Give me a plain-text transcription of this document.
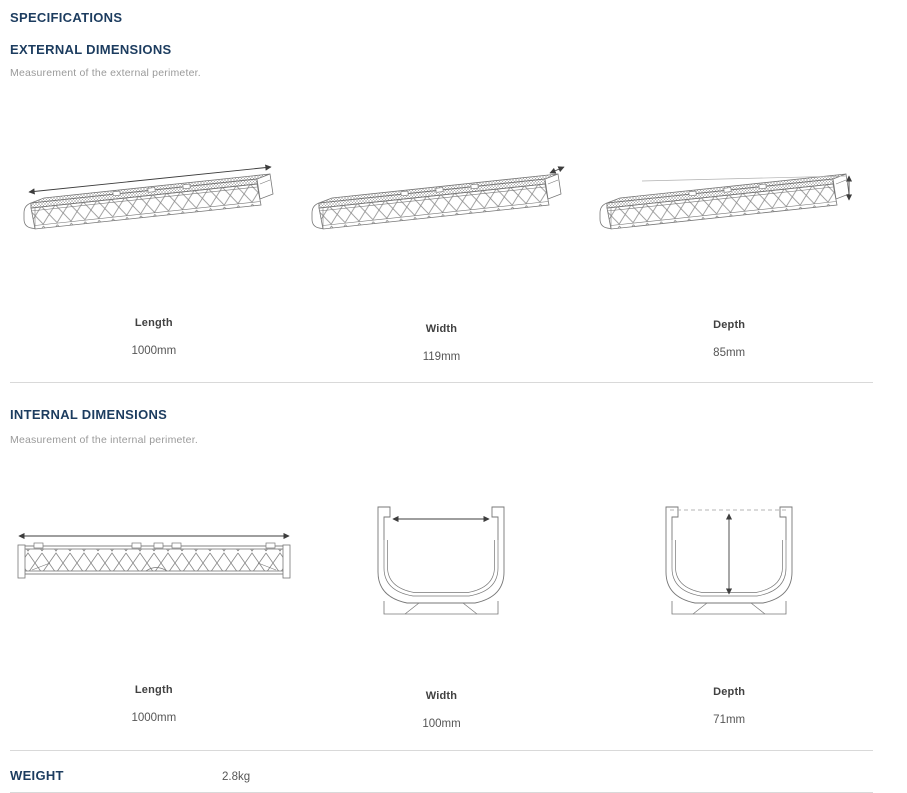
SPECIFICATIONS
EXTERNAL DIMENSIONS

Measurement of the external perimeter.

Length
1000mm
Width
119mm
Depth
85mm
INTERNAL DIMENSIONS

Measurement of the internal perimeter.

Length
1000mm
Width
100mm
Depth
71mm
WEIGHT	2.8kg
